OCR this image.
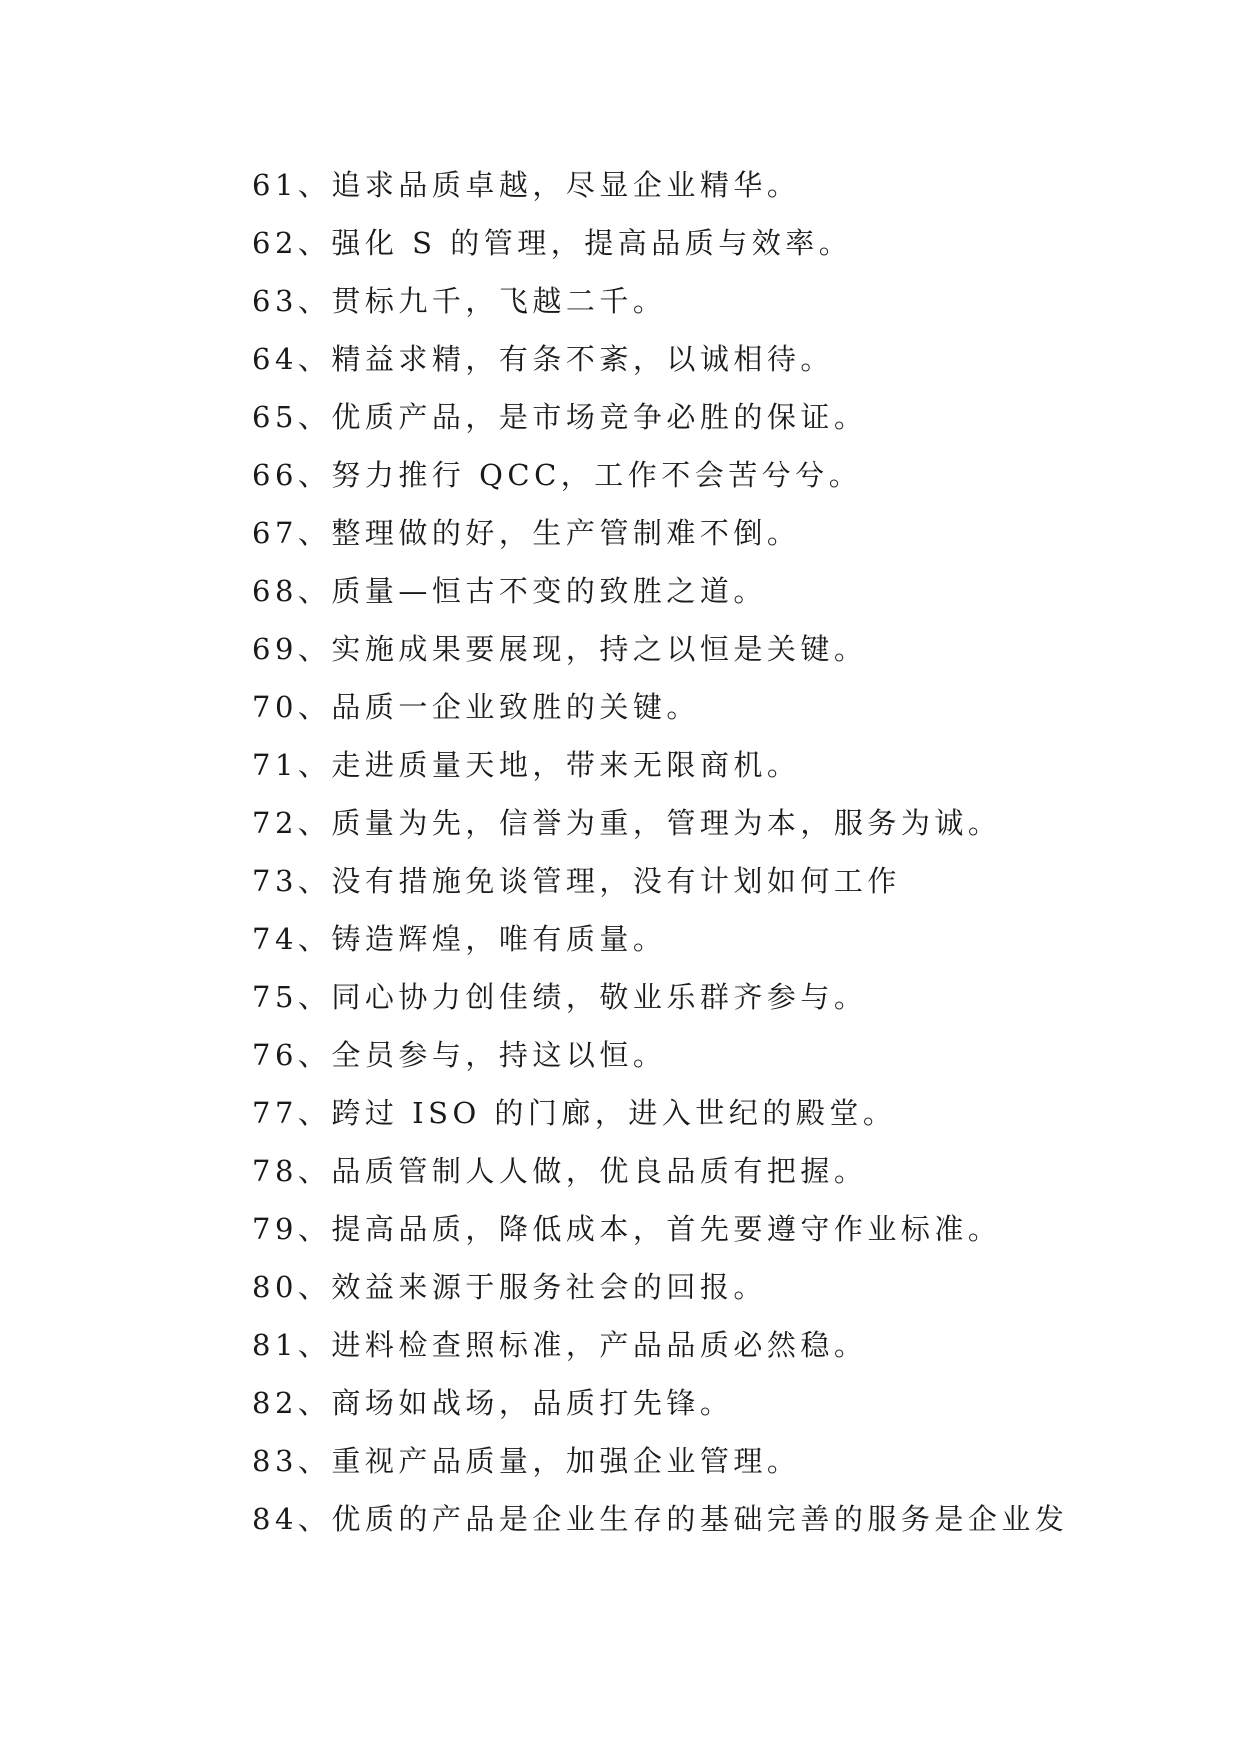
61、追求品质卓越，尽显企业精华。
62、强化 S 的管理，提高品质与效率。
63、贯标九千，飞越二千。
64、精益求精，有条不紊，以诚相待。
65、优质产品，是市场竞争必胜的保证。
66、努力推行 QCC，工作不会苦兮兮。
67、整理做的好，生产管制难不倒。
68、质量—恒古不变的致胜之道。
69、实施成果要展现，持之以恒是关键。
70、品质一企业致胜的关键。
71、走进质量天地，带来无限商机。
72、质量为先，信誉为重，管理为本，服务为诚。
73、没有措施免谈管理，没有计划如何工作
74、铸造辉煌，唯有质量。
75、同心协力创佳绩，敬业乐群齐参与。
76、全员参与，持这以恒。
77、跨过 ISO 的门廊，进入世纪的殿堂。
78、品质管制人人做，优良品质有把握。
79、提高品质，降低成本，首先要遵守作业标准。
80、效益来源于服务社会的回报。
81、进料检查照标准，产品品质必然稳。
82、商场如战场，品质打先锋。
83、重视产品质量，加强企业管理。
84、优质的产品是企业生存的基础完善的服务是企业发
